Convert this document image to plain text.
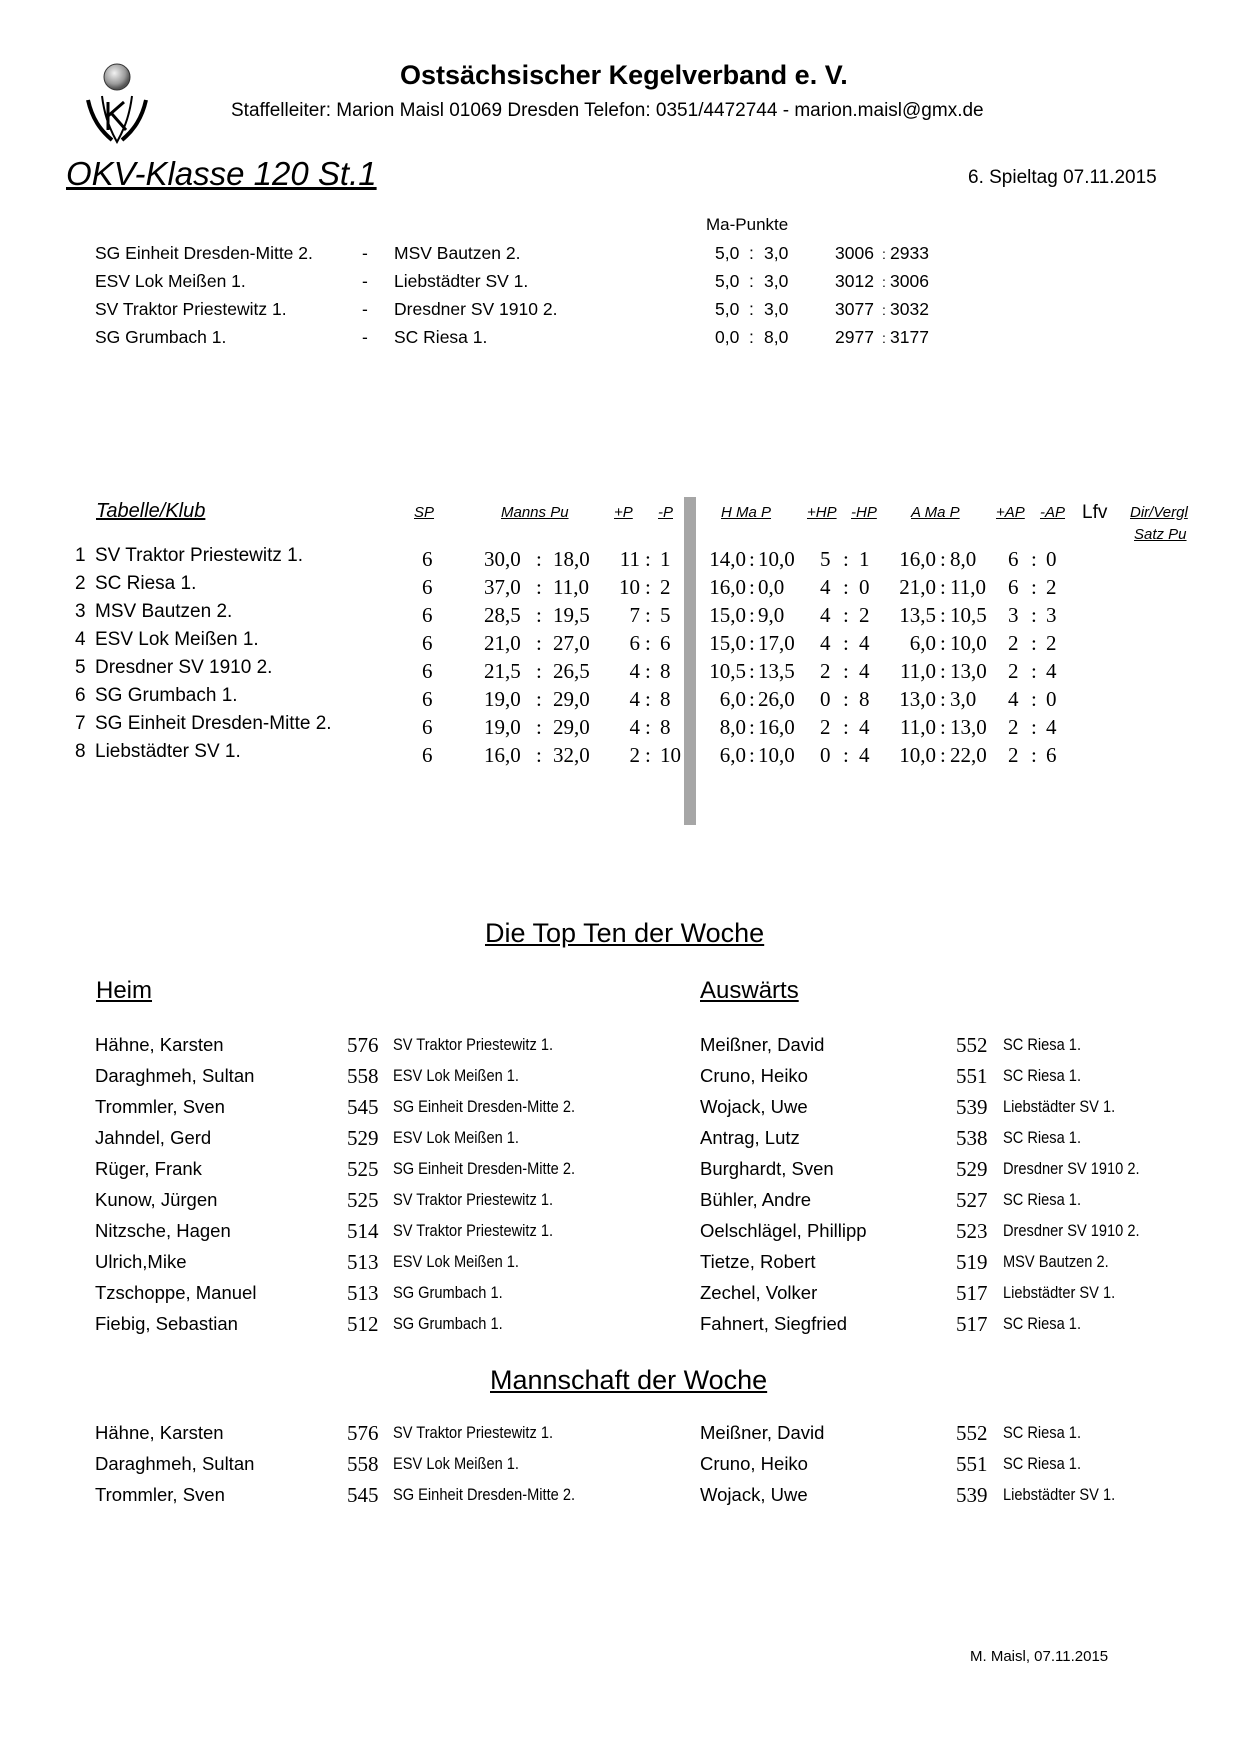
Ostsächsischer Kegelverband e. V.
Staffelleiter: Marion Maisl 01069 Dresden Telefon: 0351/4472744 - marion.maisl@gmx.de
OKV-Klasse 120 St.1	6. Spieltag 07.11.2015
Ma-Punkte
SG Einheit Dresden-Mitte 2.	- MSV Bautzen 2.	5,0 : 3,0	3006 : 2933
ESV Lok Meißen 1.	- Liebstädter SV 1.	5,0 : 3,0	3012 : 3006
SV Traktor Priestewitz 1.	- Dresdner SV 1910 2.	5,0 : 3,0	3077 : 3032
SG Grumbach 1.	- SC Riesa 1.	0,0 : 8,0	2977 : 3177
Tabelle/Klub	SP	Manns Pu	+P -P	H Ma P +HP -HP A Ma P +AP -AP Lfv Dir/Vergl
Satz Pu
1 SV Traktor Priestewitz 1.	6 30,0 : 18,0 11 : 1 14,0 : 10,0 5 : 1 16,0 : 8,0 6 : 0
2 SC Riesa 1.	6 37,0 : 11,0 10 : 2 16,0 : 0,0 4 : 0 21,0 : 11,0 6 : 2
3 MSV Bautzen 2.	6 28,5 : 19,5 7 : 5 15,0 : 9,0 4 : 2 13,5 : 10,5 3 : 3
4 ESV Lok Meißen 1.	6 21,0 : 27,0 6 : 6 15,0 : 17,0 4 : 4 6,0 : 10,0 2 : 2
5 Dresdner SV 1910 2.	6 21,5 : 26,5 4 : 8 10,5 : 13,5 2 : 4 11,0 : 13,0 2 : 4
6 SG Grumbach 1.	6 19,0 : 29,0 4 : 8 6,0 : 26,0 0 : 8 13,0 : 3,0 4 : 0
7 SG Einheit Dresden-Mitte 2.	6 19,0 : 29,0 4 : 8 8,0 : 16,0 2 : 4 11,0 : 13,0 2 : 4
8 Liebstädter SV 1.	6 16,0 : 32,0 2 : 10 6,0 : 10,0 0 : 4 10,0 : 22,0 2 : 6
Die Top Ten der Woche
Heim	Auswärts
Hähne, Karsten	576 SV Traktor Priestewitz 1.
Daraghmeh, Sultan	558 ESV Lok Meißen 1.
Trommler, Sven	545 SG Einheit Dresden-Mitte 2.
Jahndel, Gerd	529 ESV Lok Meißen 1.
Rüger, Frank	525 SG Einheit Dresden-Mitte 2.
Kunow, Jürgen	525 SV Traktor Priestewitz 1.
Nitzsche, Hagen	514 SV Traktor Priestewitz 1.
Ulrich,Mike	513 ESV Lok Meißen 1.
Tzschoppe, Manuel	513 SG Grumbach 1.
Fiebig, Sebastian	512 SG Grumbach 1.
Meißner, David	552 SC Riesa 1.
Cruno, Heiko	551 SC Riesa 1.
Wojack, Uwe	539 Liebstädter SV 1.
Antrag, Lutz	538 SC Riesa 1.
Burghardt, Sven	529 Dresdner SV 1910 2.
Bühler, Andre	527 SC Riesa 1.
Oelschlägel, Phillipp	523 Dresdner SV 1910 2.
Tietze, Robert	519 MSV Bautzen 2.
Zechel, Volker	517 Liebstädter SV 1.
Fahnert, Siegfried	517 SC Riesa 1.
Mannschaft der Woche
Hähne, Karsten	576 SV Traktor Priestewitz 1.
Daraghmeh, Sultan	558 ESV Lok Meißen 1.
Trommler, Sven	545 SG Einheit Dresden-Mitte 2.
Meißner, David	552 SC Riesa 1.
Cruno, Heiko	551 SC Riesa 1.
Wojack, Uwe	539 Liebstädter SV 1.
M. Maisl, 07.11.2015
